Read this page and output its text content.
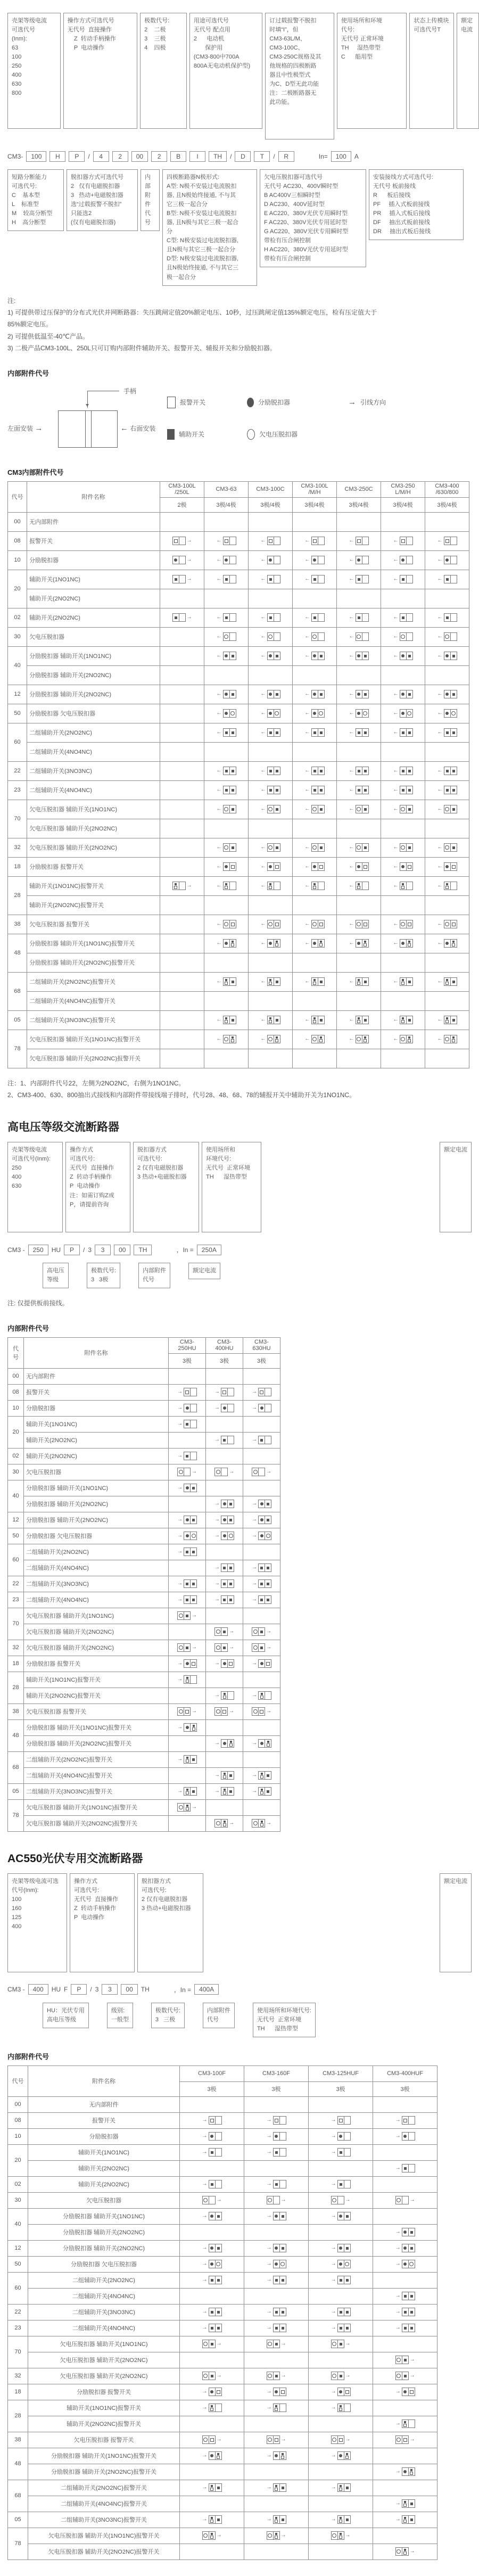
壳架等级电流

可选代号

(Inm):

63

100

250

400

630

800

操作方式可选代号

无代号  直接操作

Z  转动手柄操作

P  电动操作

极数代号:

2    二极

3    三极

4    四极

用途可选代号

无代号 配点用

2      电动机

保护用

(CM3-800中700A

800A无电动机保护型)

订过载报警不脱扣

时填“I”，但

CM3-63L/M、

CM3-100C、

CM3-250C规格及其

他规格的四极断路

器且中性极型式

为C、D型无此功能

注：二极断路器无

此功能。

使用场所和环境

代号:

无代号 正常环境

TH     湿热带型

C      船用型

状态上传模块

可选代号T

额定电流

CM3-	100	H	P	/	4	2	00	2	B	I	TH	/	D	T	/	R	In=	100	A

短路分断能力

可选代号:

C    基本型

L    标准型

M    较高分断型

H    高分断型

脱扣器方式可选代号

2   仅有电磁脱扣器

3   热动+电磁脱扣器

选“过载报警不脱扣”

只能选2

(仅有电磁脱扣器)

内部

附件

代号

四极断路器N极形式:

A型: N极不安装过电流脱扣

器, 且N极始终接通, 不与其

它三极一起合分

B型: N极不安装过电流脱扣

器, 且N极与其它三极一起合

分

C型: N极安装过电流脱扣器,

且N极与其它三极一起合分

D型: N极安装过电流脱扣器,

且N极始终接通, 不与其它三

极一起合分

欠电压脱扣器可选代号

无代号 AC230、400V瞬时型

B AC400V三相瞬时型

D AC230、400V延时型

E AC220、380V光伏专用瞬时型

F AC220、380V光伏专用延时型

G AC220、380V光伏专用瞬时型

带检有压合闸控制

H AC220、380V光伏专用延时型

带检有压合闸控制

安装接线方式可选代号:

无代号 板前接线

R      板后接线

PF     插入式板前接线

PR     插入式板后接线

DF     抽出式板前接线

DR     抽出式板后接线

注:

1) 可提供带过压保护的分布式光伏并网断路器：失压跳闸定值20%额定电压、10秒，过压跳闸定值135%额定电压，检有压定值大于

85%额定电压。

2) 可提供低温至-40℃产品。

3) 二极产品CM3-100L、250L只可订购内部附件辅助开关、报警开关、辅报开关和分励脱扣器。

内部附件代号
手柄
左面安装 →	← 右面安装
报警开关	分励脱扣器	→ 引线方向
辅助开关	欠电压脱扣器
CM3内部附件代号
代号	附件名称	CM3-100L /250L	CM3-63	CM3-100C	CM3-100L /M/H	CM3-250C	CM3-250 L/M/H	CM3-400 /630/800
		2极	3极/4极	3极/4极	3极/4极	3极/4极	3极/4极	3极/4极
00	无内部附件							
08	报警开关	→	←	←	←	←	←	←

10	分励脱扣器	→	←	←	←	←	←	←

20	辅助开关(1NO1NC)	→	←	←	←	←	←	←

	辅助开关(2NO2NC)							
02	辅助开关(2NO2NC)	→	←	←	←	←	←	←

30	欠电压脱扣器		←	←	←	←	←	←

40	分励脱扣器 辅助开关(1NO1NC)		←	←	←	←	←	←

	分励脱扣器 辅助开关(2NO2NC)							
12	分励脱扣器 辅助开关(2NO2NC)		←	←	←	←	←	←

50	分励脱扣器 欠电压脱扣器		←	←	←	←	←	←

60	二组辅助开关(2NO2NC)		←	←	←	←	←	←

	二组辅助开关(4NO4NC)							
22	二组辅助开关(3NO3NC)		←	←	←	←	←	←

23	二组辅助开关(4NO4NC)		←	←	←	←	←	←

70	欠电压脱扣器 辅助开关(1NO1NC)		←	←	←	←	←	←

	欠电压脱扣器 辅助开关(2NO2NC)							
32	欠电压脱扣器 辅助开关(2NO2NC)		←	←	←	←	←	←

18	分励脱扣器 报警开关		←	←	←	←	←	←

28	辅助开关(1NO1NC)报警开关	→	←	←	←	←	←	←

	辅助开关(2NO2NC)报警开关							
38	欠电压脱扣器 报警开关		←	←	←	←	←	←

48	分励脱扣器 辅助开关(1NO1NC)报警开关		←	←	←	←	←	←

	分励脱扣器 辅助开关(2NO2NC)报警开关							
68	二组辅助开关(2NO2NC)报警开关		←	←	←	←	←	←

	二组辅助开关(4NO4NC)报警开关							
05	二组辅助开关(3NO3NC)报警开关		←	←	←	←	←	←

78	欠电压脱扣器 辅助开关(1NO1NC)报警开关		←	←	←	←	←	←

	欠电压脱扣器 辅助开关(2NO2NC)报警开关							

注：1、内部附件代号22，左侧为2NO2NC，右侧为1NO1NC。

2、CM3-400、630、800抽出式接线和内部附件带接线端子排时，代号28、48、68、78的辅报开关中辅助开关为1NO1NC。

高电压等级交流断路器

壳架等级电流

可选代号(Inm):

250

400

630

操作方式

可选代号:

无代号  直接操作

Z  转动手柄操作

P  电动操作

注：如需订购Z或

P，请提前咨询

脱扣器方式

可选代号:

2 仅有电磁脱扣器

3 热动+电磁脱扣器

使用场所和

环境代号:

无代号  正常环境

TH      湿热带型

额定电流

CM3 -	250	HU	P	/ 3	3	00	TH	，In =	250A

高电压

等级

极数代号:

3   3极

内部附件

代号

额定电流

注: 仅提供板前接线。

内部附件代号
代号	附件名称	CM3-250HU	CM3-400HU	CM3-630HU
		3极	3极	3极
00	无内部附件			
08	报警开关	→	→	→

10	分励脱扣器	→	→	→

20	辅助开关(1NO1NC)	→		

	辅助开关(2NO2NC)		→	→

02	辅助开关(2NO2NC)	→		

30	欠电压脱扣器	→	→	→

40	分励脱扣器 辅助开关(1NO1NC)	→		

	分励脱扣器 辅助开关(2NO2NC)		→	→

12	分励脱扣器 辅助开关(2NO2NC)	→	→	→

50	分励脱扣器 欠电压脱扣器	→	→	→

60	二组辅助开关(2NO2NC)	→		

	二组辅助开关(4NO4NC)		→	→

22	二组辅助开关(3NO3NC)	→	→	→

23	二组辅助开关(4NO4NC)	→	→	→

70	欠电压脱扣器 辅助开关(1NO1NC)	→		

	欠电压脱扣器 辅助开关(2NO2NC)		→	→

32	欠电压脱扣器 辅助开关(2NO2NC)	→	→	→

18	分励脱扣器 报警开关	→	→	→

28	辅助开关(1NO1NC)报警开关	→		

	辅助开关(2NO2NC)报警开关		→	→

38	欠电压脱扣器 报警开关	→	→	→

48	分励脱扣器 辅助开关(1NO1NC)报警开关	→		

	分励脱扣器 辅助开关(2NO2NC)报警开关		→	→

68	二组辅助开关(2NO2NC)报警开关	→		

	二组辅助开关(4NO4NC)报警开关		→	→

05	二组辅助开关(3NO3NC)报警开关	→	→	→

78	欠电压脱扣器 辅助开关(1NO1NC)报警开关	→		

	欠电压脱扣器 辅助开关(2NO2NC)报警开关		→	→
AC550光伏专用交流断路器

壳架等级电流可选

代号(Inm):

100

160

125

400

操作方式

可选代号:

无代号  直接操作

Z  转动手柄操作

P  电动操作

脱扣器方式

可选代号:

2 仅有电磁脱扣器

3 热动+电磁脱扣器

额定电流

CM3 -	400	HU F	P	/ 3	3	00	TH	，In =	400A

HU：光伏专用

高电压等级

级别:

一般型

极数代号:

3   三极

内部附件

代号

使用场所和环境代号:

无代号  正常环境

TH      湿热带型

内部附件代号
代号	附件名称	CM3-100F	CM3-160F	CM3-125HUF	CM3-400HUF
		3极	3极	3极	3极
00	无内部附件				
08	报警开关	→	→	→	→

10	分励脱扣器	→	→	→	→

20	辅助开关(1NO1NC)	→	→	→	

	辅助开关(2NO2NC)				→

02	辅助开关(2NO2NC)	→	→	→	

30	欠电压脱扣器	→	→	→	→

40	分励脱扣器 辅助开关(1NO1NC)	→	→	→	

	分励脱扣器 辅助开关(2NO2NC)				→

12	分励脱扣器 辅助开关(2NO2NC)	→	→	→	→

50	分励脱扣器 欠电压脱扣器	→	→	→	→

60	二组辅助开关(2NO2NC)	→	→	→	

	二组辅助开关(4NO4NC)				→

22	二组辅助开关(3NO3NC)	→	→	→	→

23	二组辅助开关(4NO4NC)	→	→	→	→

70	欠电压脱扣器 辅助开关(1NO1NC)	→	→	→	

	欠电压脱扣器 辅助开关(2NO2NC)				→

32	欠电压脱扣器 辅助开关(2NO2NC)	→	→	→	→

18	分励脱扣器 报警开关	→	→	→	→

28	辅助开关(1NO1NC)报警开关	→	→	→	

	辅助开关(2NO2NC)报警开关				→

38	欠电压脱扣器 报警开关	→	→	→	→

48	分励脱扣器 辅助开关(1NO1NC)报警开关	→	→	→	

	分励脱扣器 辅助开关(2NO2NC)报警开关				→

68	二组辅助开关(2NO2NC)报警开关	→	→	→	

	二组辅助开关(4NO4NC)报警开关				→

05	二组辅助开关(3NO3NC)报警开关	→	→	→	→

78	欠电压脱扣器 辅助开关(1NO1NC)报警开关	→	→	→	

	欠电压脱扣器 辅助开关(2NO2NC)报警开关				→
